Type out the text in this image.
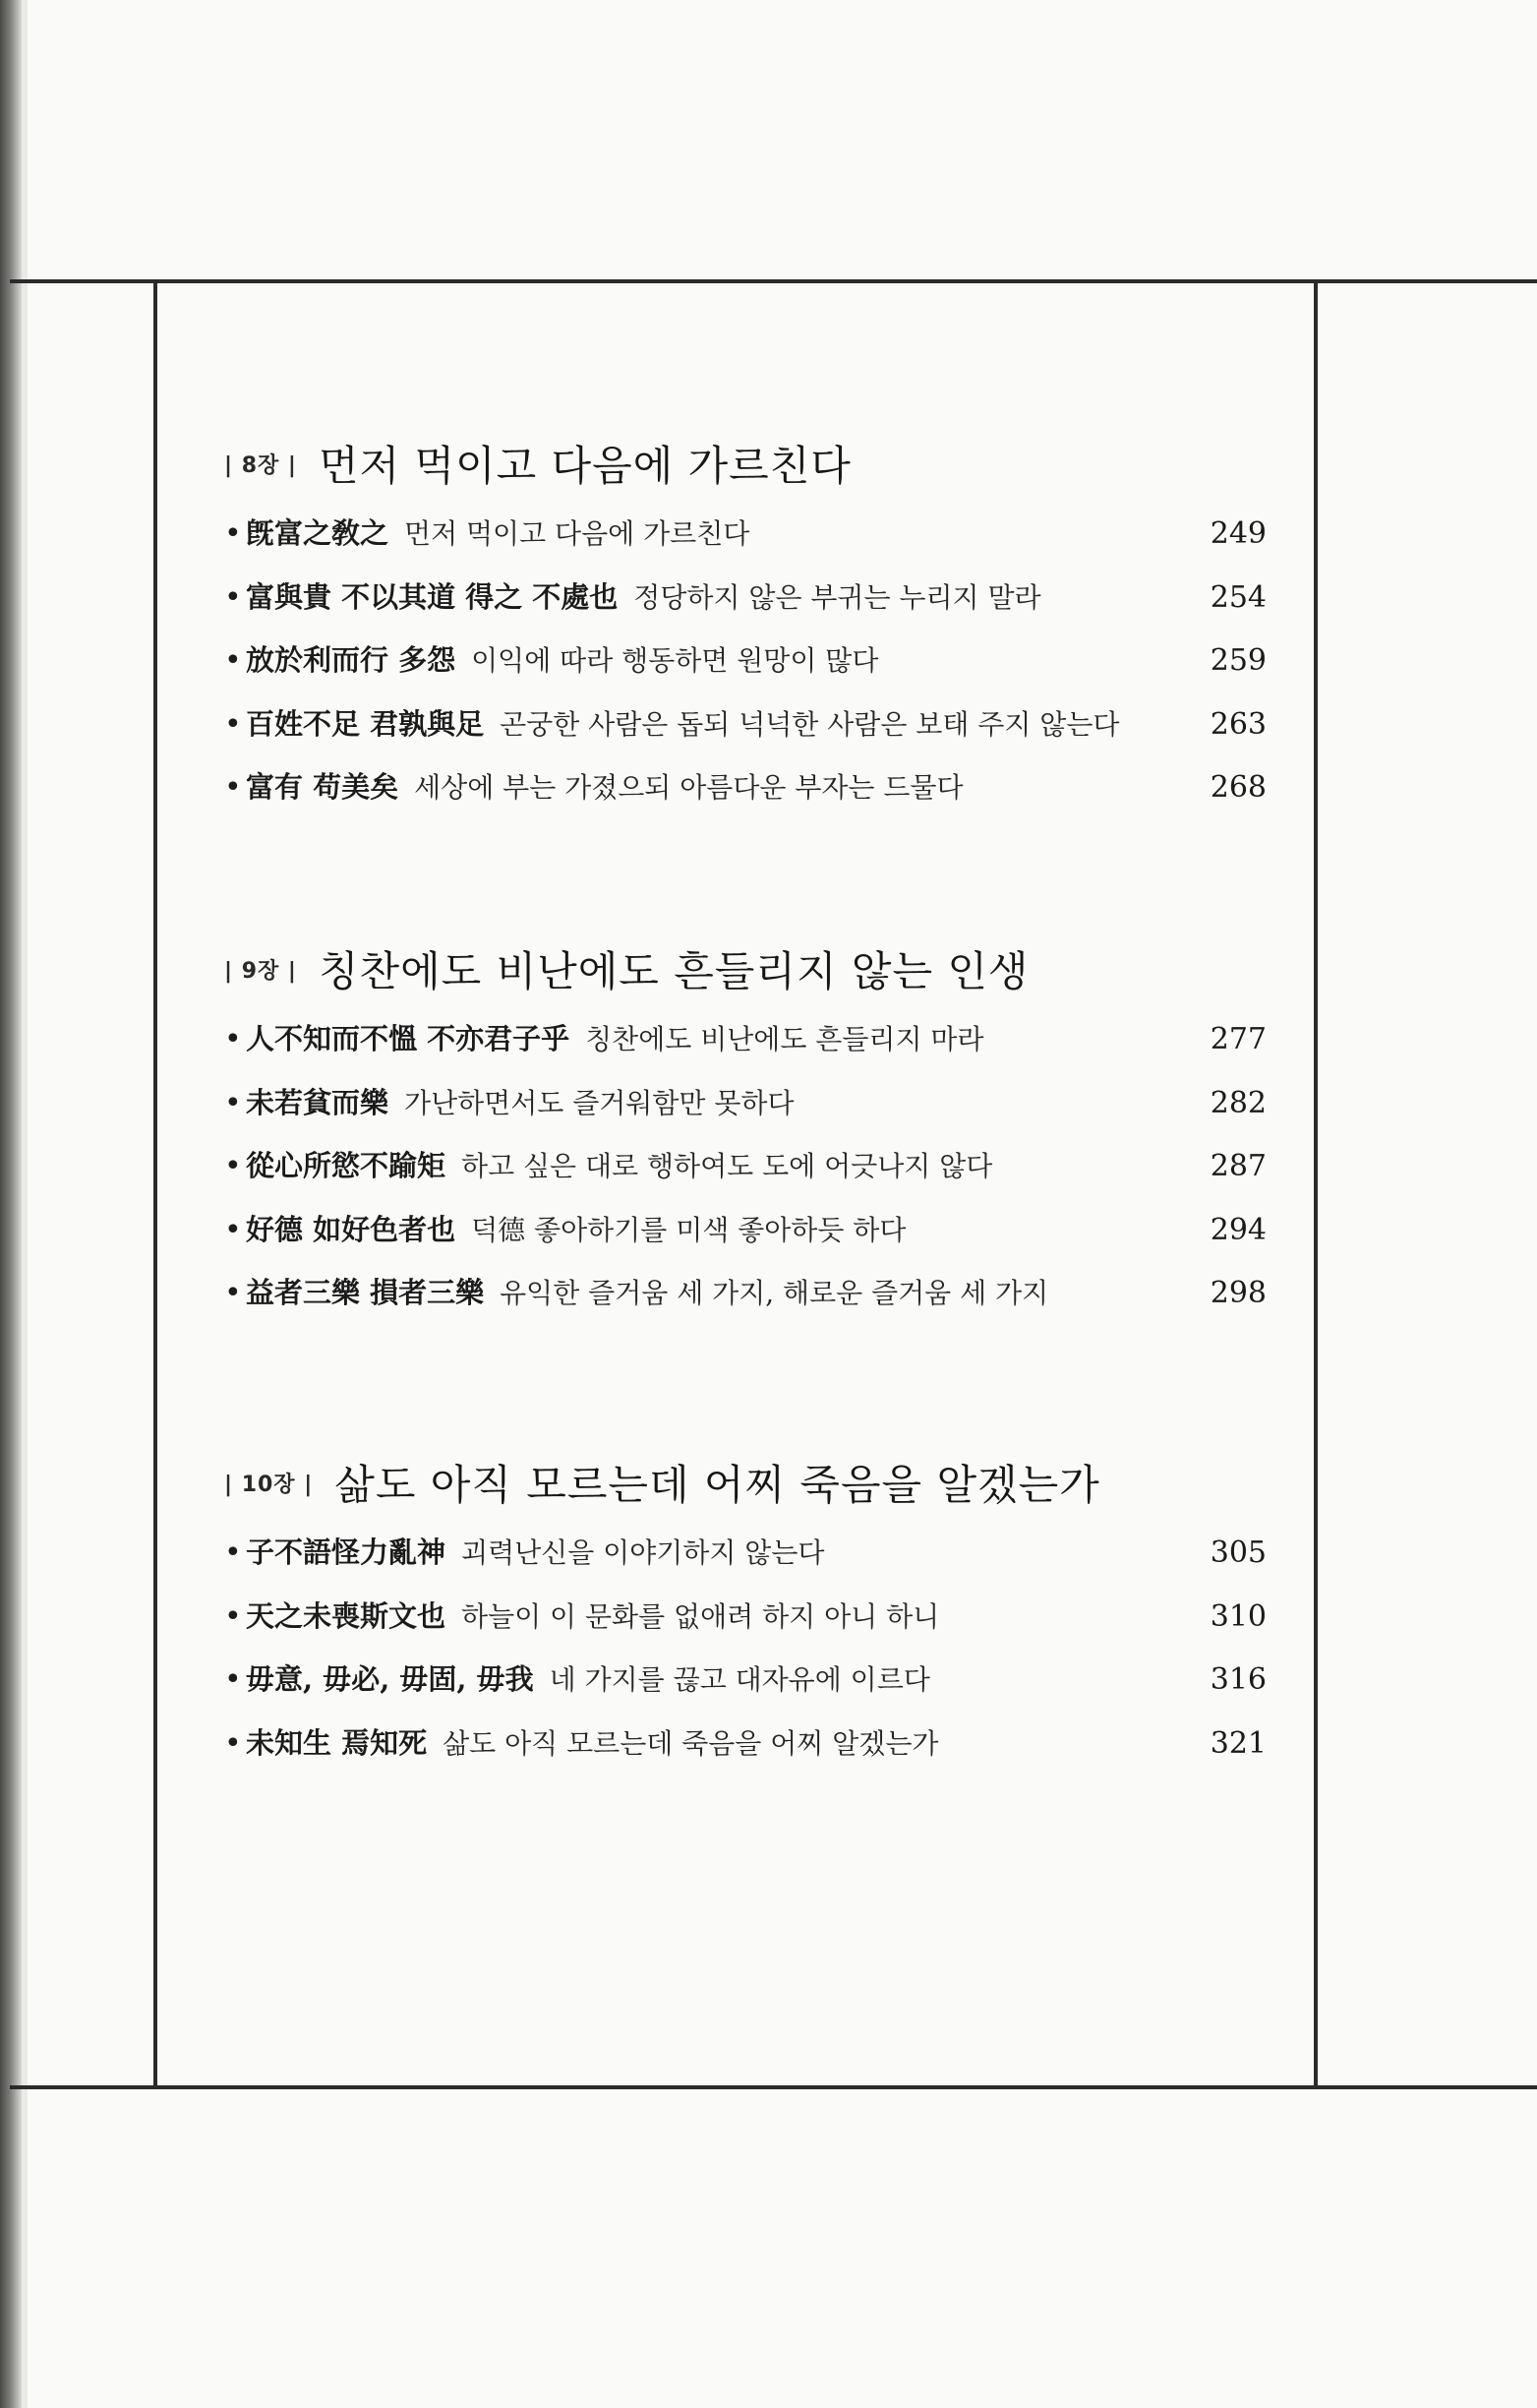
| 8장 | 먼저 먹이고 다음에 가르친다
• 旣富之敎之 먼저 먹이고 다음에 가르친다	249
• 富與貴 不以其道 得之 不處也 정당하지 않은 부귀는 누리지 말라	254
• 放於利而行 多怨 이익에 따라 행동하면 원망이 많다	259
• 百姓不足 君孰與足 곤궁한 사람은 돕되 넉넉한 사람은 보태 주지 않는다	263
• 富有 苟美矣 세상에 부는 가졌으되 아름다운 부자는 드물다	268
| 9장 | 칭찬에도 비난에도 흔들리지 않는 인생
• 人不知而不慍 不亦君子乎 칭찬에도 비난에도 흔들리지 마라	277
• 未若貧而樂 가난하면서도 즐거워함만 못하다	282
• 從心所慾不踰矩 하고 싶은 대로 행하여도 도에 어긋나지 않다	287
• 好德 如好色者也 덕德 좋아하기를 미색 좋아하듯 하다	294
• 益者三樂 損者三樂 유익한 즐거움 세 가지, 해로운 즐거움 세 가지	298
| 10장 | 삶도 아직 모르는데 어찌 죽음을 알겠는가
• 子不語怪力亂神 괴력난신을 이야기하지 않는다	305
• 天之未喪斯文也 하늘이 이 문화를 없애려 하지 아니 하니	310
• 毋意, 毋必, 毋固, 毋我 네 가지를 끊고 대자유에 이르다	316
• 未知生 焉知死 삶도 아직 모르는데 죽음을 어찌 알겠는가	321
